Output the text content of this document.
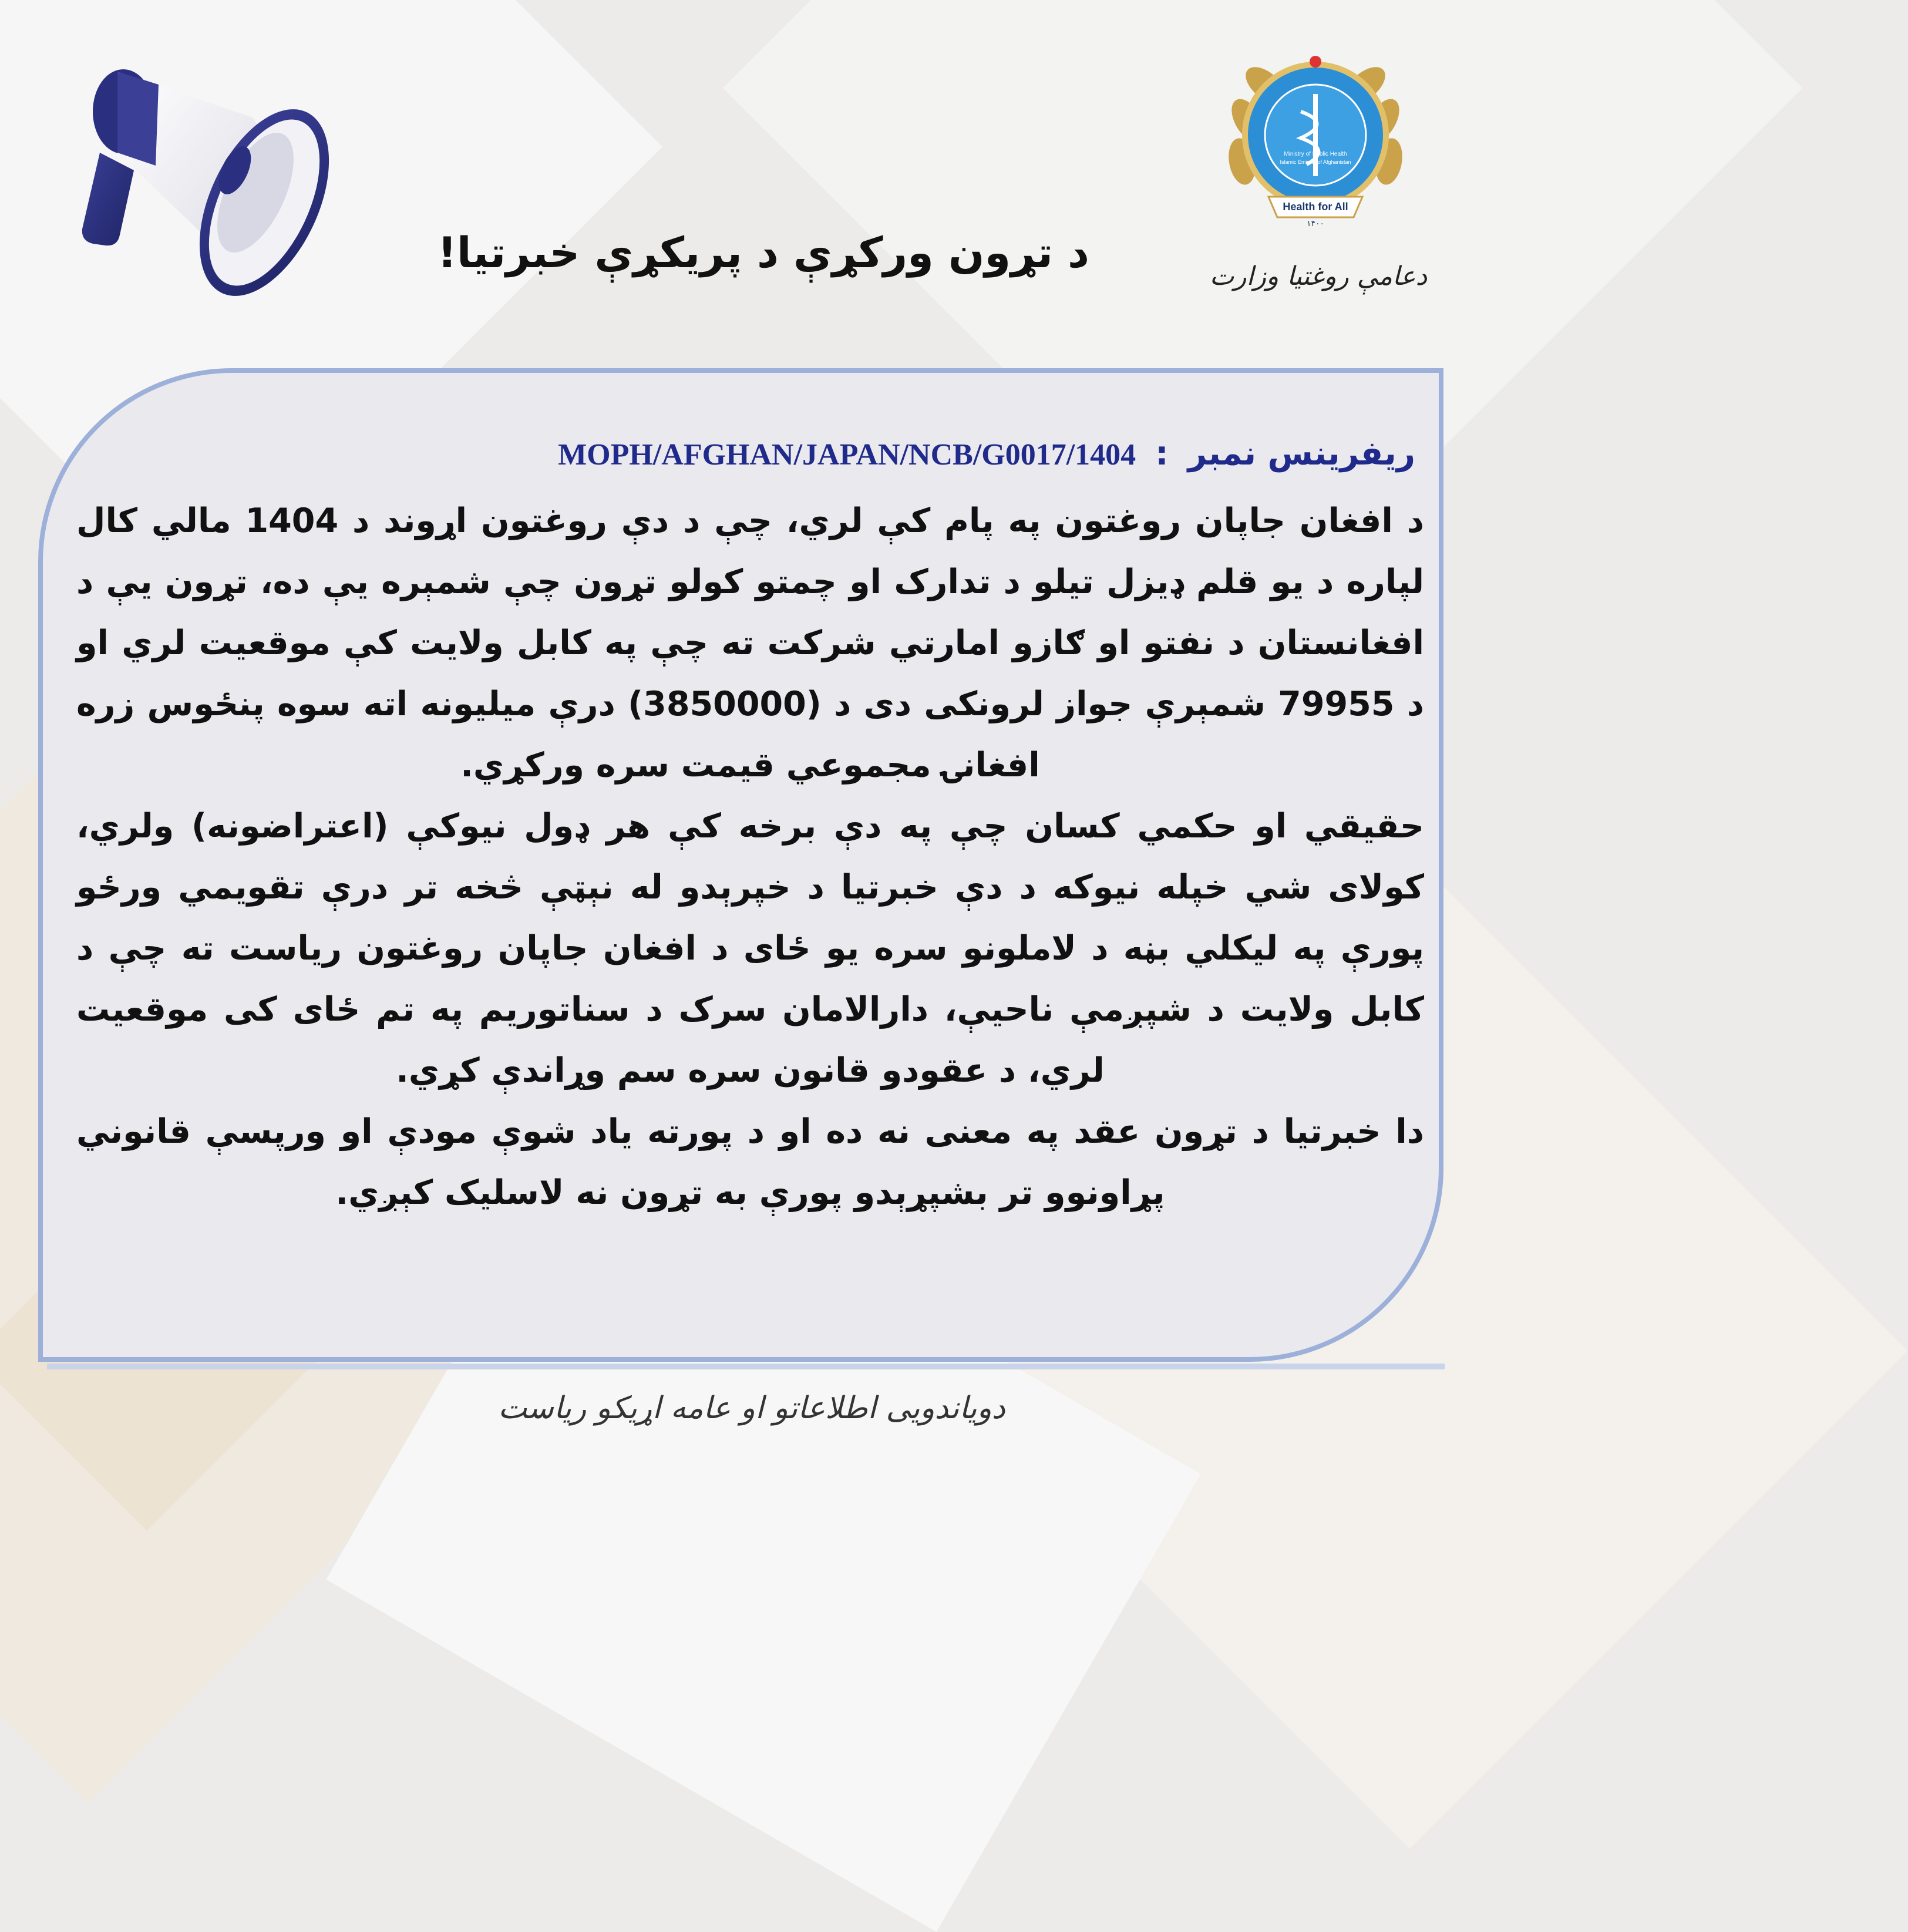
Health for All
۱۴۰۰
Ministry of Public Health
Islamic Emirate of Afghanistan
دعامې روغتیا وزارت
د تړون ورکړې د پریکړې خبرتیا!
ریفرینس نمبر : MOPH/AFGHAN/JAPAN/NCB/G0017/1404

د افغان جاپان روغتون په پام کې لري، چې د دې روغتون اړوند د 1404 مالي کال لپاره د یو قلم ډیزل تیلو د تدارک او چمتو کولو تړون چې شمېره یې ده، تړون یې د افغانستان د نفتو او ګازو امارتي شرکت ته چې په کابل ولایت کې موقعیت لري او د 79955 شمېرې جواز لرونکی دی د (3850000) درې میلیونه اته سوه پنځوس زره افغانۍ مجموعي قیمت سره ورکړي.

حقیقي او حکمي کسان چې په دې برخه کې هر ډول نیوکې (اعتراضونه) ولري، کولای شي خپله نیوکه د دې خبرتیا د خپرېدو له نېټې څخه تر درې تقویمي ورځو پورې په لیکلي بڼه د لاملونو سره یو ځای د افغان جاپان روغتون ریاست ته چې د کابل ولایت د شپږمې ناحیې، دارالامان سرک د سناتوریم په تم ځای کی موقعیت لري، د عقودو قانون سره سم وړاندې کړي.

دا خبرتیا د تړون عقد په معنی نه ده او د پورته یاد شوې مودې او ورپسې قانوني پړاونوو تر بشپړېدو پورې به تړون نه لاسلیک کېږي.

دویاندویی اطلاعاتو او عامه اړیکو ریاست
